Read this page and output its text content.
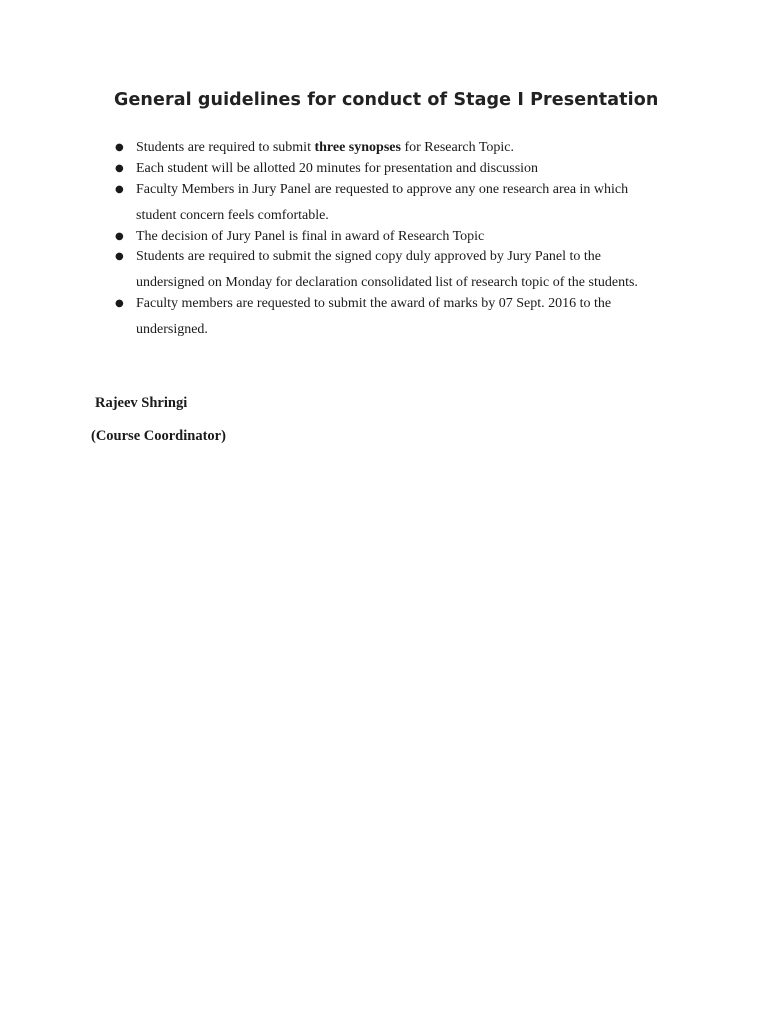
General guidelines for conduct of Stage I Presentation
● Students are required to submit three synopses for Research Topic.
● Each student will be allotted 20 minutes for presentation and discussion
● Faculty Members in Jury Panel are requested to approve any one research area in which
student concern feels comfortable.
● The decision of Jury Panel is final in award of Research Topic
● Students are required to submit the signed copy duly approved by Jury Panel to the
undersigned on Monday for declaration consolidated list of research topic of the students.
● Faculty members are requested to submit the award of marks by 07 Sept. 2016 to the
undersigned.
Rajeev Shringi
(Course Coordinator)
